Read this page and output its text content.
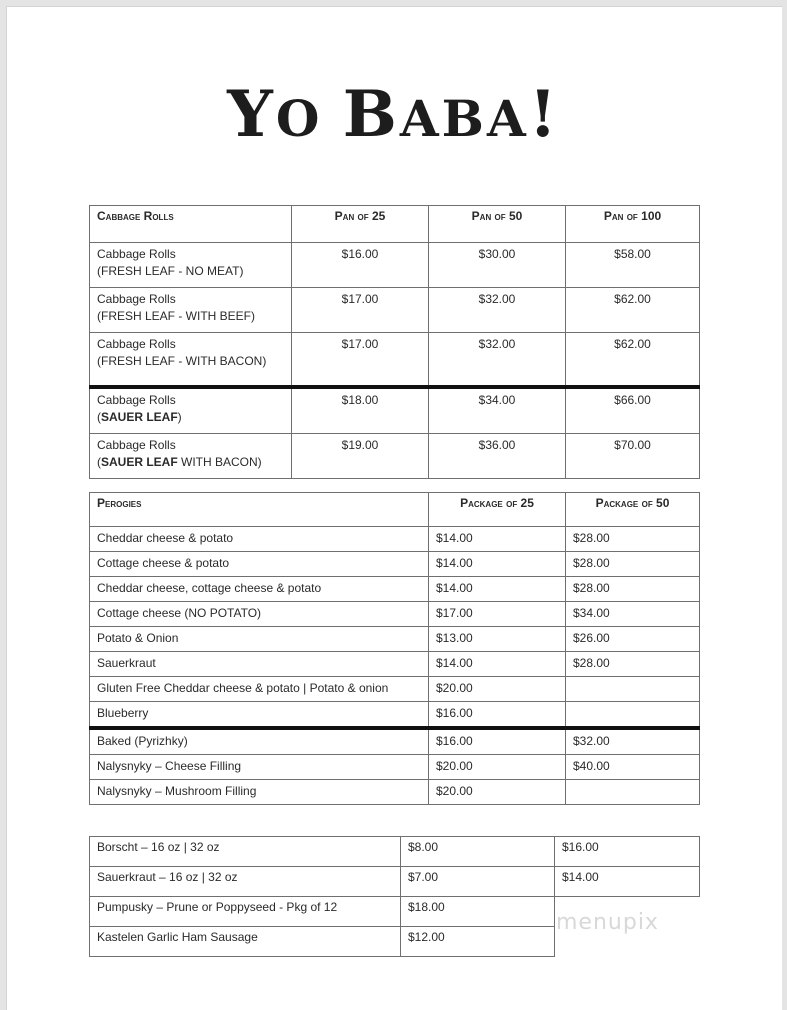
YO BABA!
Cabbage Rolls	Pan of 25	Pan of 50	Pan of 100
Cabbage Rolls
(FRESH LEAF - NO MEAT)	$16.00	$30.00	$58.00
Cabbage Rolls
(FRESH LEAF - WITH BEEF)	$17.00	$32.00	$62.00
Cabbage Rolls
(FRESH LEAF - WITH BACON)	$17.00	$32.00	$62.00
Cabbage Rolls
(SAUER LEAF)	$18.00	$34.00	$66.00
Cabbage Rolls
(SAUER LEAF WITH BACON)	$19.00	$36.00	$70.00
Perogies	Package of 25	Package of 50
Cheddar cheese & potato	$14.00	$28.00
Cottage cheese & potato	$14.00	$28.00
Cheddar cheese, cottage cheese & potato	$14.00	$28.00
Cottage cheese (NO POTATO)	$17.00	$34.00
Potato & Onion	$13.00	$26.00
Sauerkraut	$14.00	$28.00
Gluten Free Cheddar cheese & potato | Potato & onion	$20.00	
Blueberry	$16.00	
Baked (Pyrizhky)	$16.00	$32.00
Nalysnyky – Cheese Filling	$20.00	$40.00
Nalysnyky – Mushroom Filling	$20.00	
Borscht – 16 oz | 32 oz	$8.00	$16.00
Sauerkraut – 16 oz | 32 oz	$7.00	$14.00
Pumpusky – Prune or Poppyseed - Pkg of 12	$18.00	
Kastelen Garlic Ham Sausage	$12.00	
menupix
